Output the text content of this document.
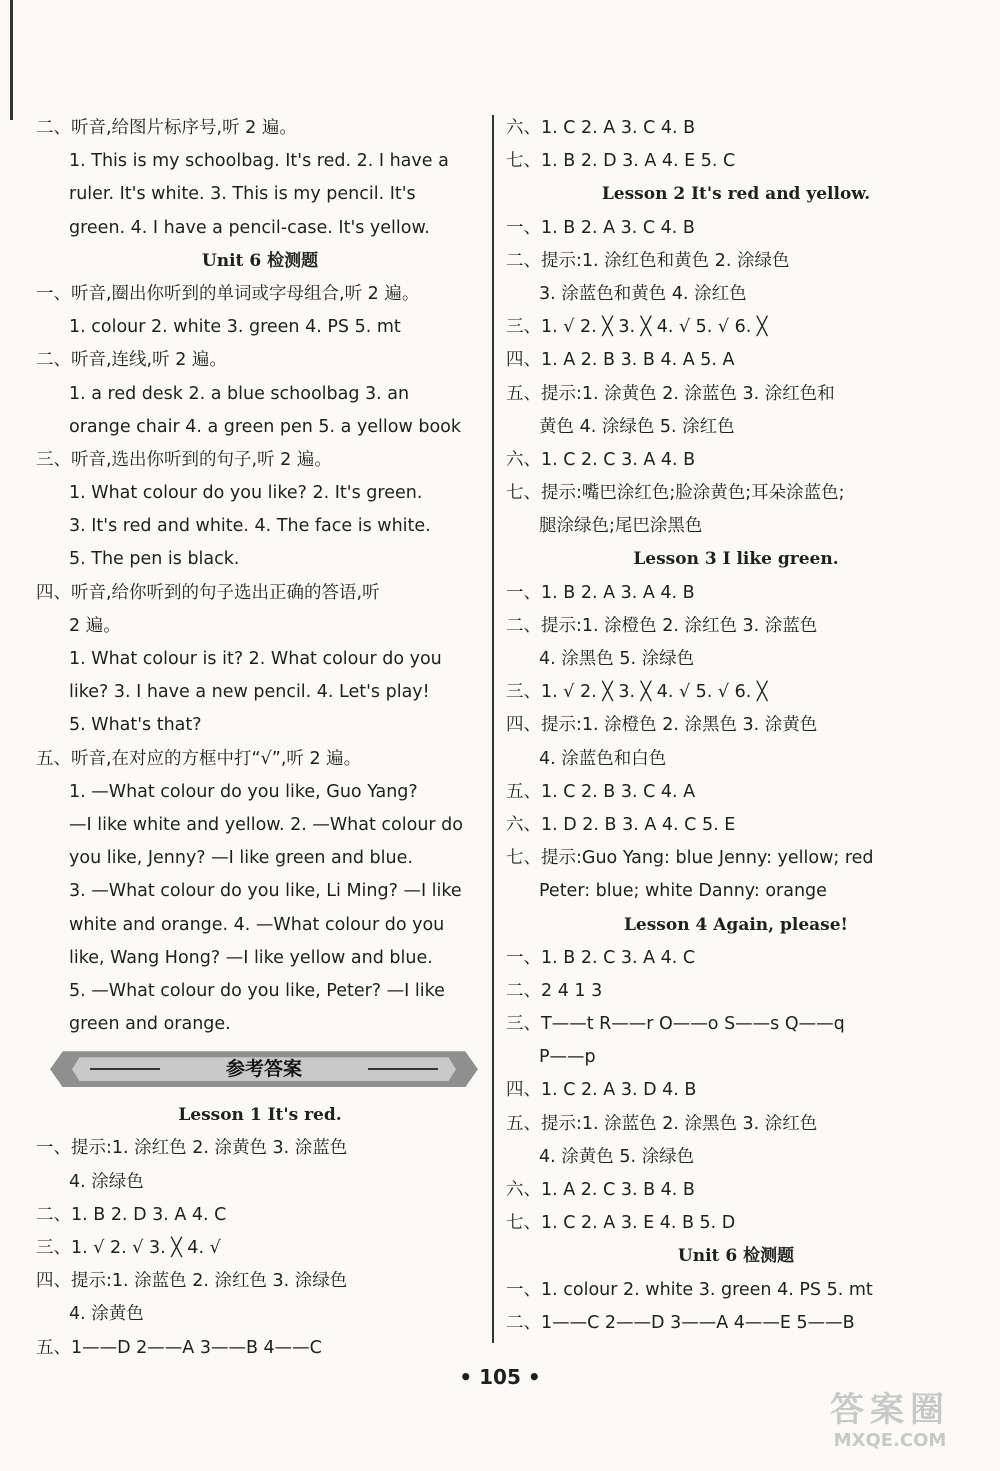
二、听音,给图片标序号,听 2 遍。
1. This is my schoolbag. It's red. 2. I have a
ruler. It's white. 3. This is my pencil. It's
green. 4. I have a pencil-case. It's yellow.
Unit 6 检测题
一、听音,圈出你听到的单词或字母组合,听 2 遍。
1. colour 2. white 3. green 4. PS 5. mt
二、听音,连线,听 2 遍。
1. a red desk 2. a blue schoolbag 3. an
orange chair 4. a green pen 5. a yellow book
三、听音,选出你听到的句子,听 2 遍。
1. What colour do you like? 2. It's green.
3. It's red and white. 4. The face is white.
5. The pen is black.
四、听音,给你听到的句子选出正确的答语,听
2 遍。
1. What colour is it? 2. What colour do you
like? 3. I have a new pencil. 4. Let's play!
5. What's that?
五、听音,在对应的方框中打“√”,听 2 遍。
1. —What colour do you like, Guo Yang?
—I like white and yellow. 2. —What colour do
you like, Jenny? —I like green and blue.
3. —What colour do you like, Li Ming? —I like
white and orange. 4. —What colour do you
like, Wang Hong? —I like yellow and blue.
5. —What colour do you like, Peter? —I like
green and orange.
参考答案
Lesson 1 It's red.
一、提示:1. 涂红色 2. 涂黄色 3. 涂蓝色
4. 涂绿色
二、1. B 2. D 3. A 4. C
三、1. √ 2. √ 3. ╳ 4. √
四、提示:1. 涂蓝色 2. 涂红色 3. 涂绿色
4. 涂黄色
五、1——D 2——A 3——B 4——C
六、1. C 2. A 3. C 4. B
七、1. B 2. D 3. A 4. E 5. C
Lesson 2 It's red and yellow.
一、1. B 2. A 3. C 4. B
二、提示:1. 涂红色和黄色 2. 涂绿色
3. 涂蓝色和黄色 4. 涂红色
三、1. √ 2. ╳ 3. ╳ 4. √ 5. √ 6. ╳
四、1. A 2. B 3. B 4. A 5. A
五、提示:1. 涂黄色 2. 涂蓝色 3. 涂红色和
黄色 4. 涂绿色 5. 涂红色
六、1. C 2. C 3. A 4. B
七、提示:嘴巴涂红色;脸涂黄色;耳朵涂蓝色;
腿涂绿色;尾巴涂黑色
Lesson 3 I like green.
一、1. B 2. A 3. A 4. B
二、提示:1. 涂橙色 2. 涂红色 3. 涂蓝色
4. 涂黑色 5. 涂绿色
三、1. √ 2. ╳ 3. ╳ 4. √ 5. √ 6. ╳
四、提示:1. 涂橙色 2. 涂黑色 3. 涂黄色
4. 涂蓝色和白色
五、1. C 2. B 3. C 4. A
六、1. D 2. B 3. A 4. C 5. E
七、提示:Guo Yang: blue Jenny: yellow; red
Peter: blue; white Danny: orange
Lesson 4 Again, please!
一、1. B 2. C 3. A 4. C
二、2 4 1 3
三、T——t R——r O——o S——s Q——q
P——p
四、1. C 2. A 3. D 4. B
五、提示:1. 涂蓝色 2. 涂黑色 3. 涂红色
4. 涂黄色 5. 涂绿色
六、1. A 2. C 3. B 4. B
七、1. C 2. A 3. E 4. B 5. D
Unit 6 检测题
一、1. colour 2. white 3. green 4. PS 5. mt
二、1——C 2——D 3——A 4——E 5——B
• 105 •
答案圈
MXQE.COM
